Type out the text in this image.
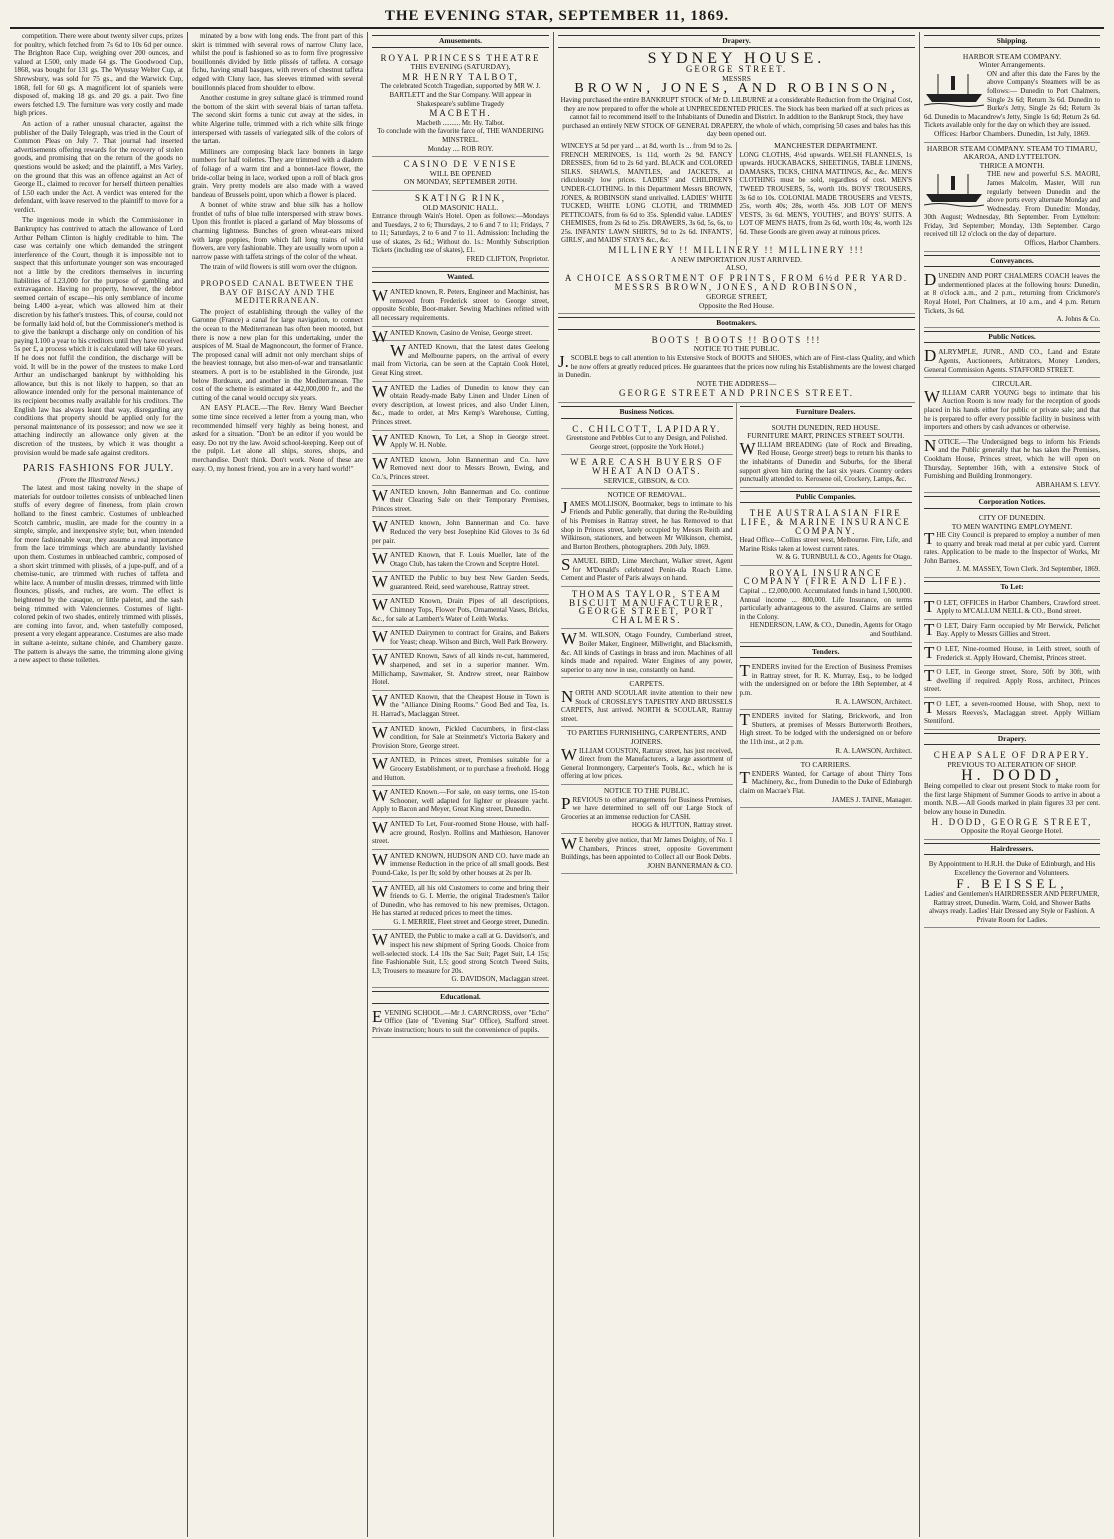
THE EVENING STAR, SEPTEMBER 11, 1869.

competition. There were about twenty silver cups, prizes for poultry, which fetched from 7s 6d to 10s 6d per ounce. The Brighton Race Cup, weighing over 200 ounces, and valued at L500, only made 64 gs. The Goodwood Cup, 1868, was bought for 131 gs. The Wynstay Welter Cup, at Shrewsbury, was sold for 75 gs., and the Warwick Cup, 1868, fell for 60 gs. A magnificent lot of spaniels were disposed of, making 18 gs. and 20 gs. a pair. Two fine ewers fetched L9. The furniture was very costly and made high prices.

An action of a rather unusual character, against the publisher of the Daily Telegraph, was tried in the Court of Common Pleas on July 7. That journal had inserted advertisements offering rewards for the recovery of stolen goods, and promising that on the return of the goods no questions would be asked; and the plaintiff, a Mrs Varley, on the ground that this was an offence against an Act of George II., claimed to recover for herself thirteen penalties of L50 each under the Act. A verdict was entered for the defendant, with leave reserved to the plaintiff to move for a verdict.

The ingenious mode in which the Commissioner in Bankruptcy has contrived to attach the allowance of Lord Arthur Pelham Clinton is highly creditable to him. The case was certainly one which demanded the stringent interference of the Court, though it is impossible not to suspect that this unfortunate younger son was encouraged not a little by the creditors themselves in incurring liabilities of L23,000 for the purpose of gambling and extravagance. Having no property, however, the debtor seemed certain of escape—his only semblance of income being L400 a-year, which was allowed him at their discretion by his father's trustees. This, of course, could not be formally laid hold of, but the Commissioner's method is to give the bankrupt a discharge only on condition of his paying L100 a year to his creditors until they have received 5s per £, a process which it is calculated will take 60 years. If he does not fulfil the condition, the discharge will be void. It will be in the power of the trustees to make Lord Arthur an undischarged bankrupt by withholding his allowance, but this is not likely to happen, so that an allowance intended only for the personal maintenance of its recipient becomes really available for his creditors. The English law has always leant that way, disregarding any conditions that property should be applied only for the personal maintenance of its possessor; and now we see it attaching indirectly an allowance only given at the discretion of the trustees, by which it was thought a provision would be made safe against creditors.

PARIS FASHIONS FOR JULY.
(From the Illustrated News.)

The latest and most taking novelty in the shape of materials for outdoor toilettes consists of unbleached linen stuffs of every degree of fineness, from plain crown holland to the finest cambric. Costumes of unbleached Scotch cambric, muslin, are made for the country in a simple, simple, and inexpensive style; but, when intended for more fashionable wear, they assume a real importance from the lace trimmings which are abundantly lavished upon them. Costumes in unbleached cambric, composed of a short skirt trimmed with plissés, of a jupe-puff, and of a chemise-tunic, are trimmed with ruches of taffeta and white lace. A number of muslin dresses, trimmed with little flounces, plissés, and ruches, are worn. The effect is heightened by the casaque, or little paletot, and the sash being trimmed with Valenciennes. Costumes of light-colored pekin of two shades, entirely trimmed with plissés, are coming into favor, and, when tastefully composed, present a very elegant appearance. Costumes are also made in sultane a-teinte, sultane chinée, and Chambery gauze. The pattern is always the same, the trimming alone giving a new aspect to these toilettes.

minated by a bow with long ends. The front part of this skirt is trimmed with several rows of narrow Cluny lace, whilst the pouf is fashioned so as to form five progressive bouillonnés divided by little plissés of taffeta. A corsage fichu, having small basques, with revers of chestnut taffeta edged with Cluny lace, has sleeves trimmed with several bouillonnés placed from shoulder to elbow.

Another costume in grey sultane glacé is trimmed round the bottom of the skirt with several biais of tartan taffeta. The second skirt forms a tunic cut away at the sides, in white Algerine tulle, trimmed with a rich white silk fringe interspersed with tassels of variegated silk of the colors of the tartan.

Milliners are composing black lace bonnets in large numbers for half toilettes. They are trimmed with a diadem of foliage of a warm tint and a bonnet-lace flower, the bride-collar being in lace, worked upon a roll of black gros grain. Very pretty models are also made with a waved bandeau of Brussels point, upon which a flower is placed.

A bonnet of white straw and blue silk has a hollow frontlet of tufts of blue tulle interspersed with straw bows. Upon this frontlet is placed a garland of May blossoms of charming lightness. Bunches of green wheat-ears mixed with large poppies, from which fall long trains of wild flowers, are very fashionable. They are usually worn upon a narrow passe with taffeta strings of the color of the wheat.

The train of wild flowers is still worn over the chignon.

PROPOSED CANAL BETWEEN THE BAY OF BISCAY AND THE MEDITERRANEAN.

The project of establishing through the valley of the Garonne (France) a canal for large navigation, to connect the ocean to the Mediterranean has often been mooted, but there is now a new plan for this undertaking, under the auspices of M. Staal de Magnoncourt, the former of France. The proposed canal will admit not only merchant ships of the heaviest tonnage, but also men-of-war and transatlantic steamers. A port is to be established in the Gironde, just below Bordeaux, and another in the Mediterranean. The cost of the scheme is estimated at 442,000,000 fr., and the cutting of the canal would occupy six years.

AN EASY PLACE.—The Rev. Henry Ward Beecher some time since received a letter from a young man, who recommended himself very highly as being honest, and asked for a situation. "Don't be an editor if you would be easy. Do not try the law. Avoid school-keeping. Keep out of the pulpit. Let alone all ships, stores, shops, and merchandise. Don't think. Don't work. None of these are easy. O, my honest friend, you are in a very hard world!"

Amusements.
ROYAL PRINCESS THEATRE
THIS EVENING (SATURDAY),
MR HENRY TALBOT,
The celebrated Scotch Tragedian, supported by MR W. J. BARTLETT and the Star Company. Will appear in Shakespeare's sublime Tragedy
MACBETH.
Macbeth .......... Mr. Hy. Talbot.
To conclude with the favorite farce of, THE WANDERING MINSTREL.
Monday .... ROB ROY.
CASINO DE VENISE
WILL BE OPENED
ON MONDAY, SEPTEMBER 20TH.
SKATING RINK,
OLD MASONIC HALL.
Entrance through Wain's Hotel. Open as follows:—Mondays and Tuesdays, 2 to 6; Thursdays, 2 to 6 and 7 to 11; Fridays, 7 to 11; Saturdays, 2 to 6 and 7 to 11. Admission: Including the use of skates, 2s 6d.; Without do. 1s.: Monthly Subscription Tickets (including use of skates), £1.
FRED CLIFTON, Proprietor.
Wanted.
WANTED known, R. Peters, Engineer and Machinist, has removed from Frederick street to George street, opposite Scoble, Boot-maker. Sewing Machines refitted with all necessary requirements.
WANTED Known, Casino de Venise, George street.
WANTED Known, that the latest dates Geelong and Melbourne papers, on the arrival of every mail from Victoria, can be seen at the Captain Cook Hotel, Great King street.
WANTED the Ladies of Dunedin to know they can obtain Ready-made Baby Linen and Under Linen of every description, at lowest prices, and also Under Linen, &c., made to order, at Mrs Kemp's Warehouse, Cutting, Princes street.
WANTED Known, To Let, a Shop in George street. Apply W. H. Noble.
WANTED known, John Bannerman and Co. have Removed next door to Messrs Brown, Ewing, and Co.'s, Princes street.
WANTED known, John Bannerman and Co. continue their Clearing Sale on their Temporary Premises, Princes street.
WANTED known, John Bannerman and Co. have Reduced the very best Josephine Kid Gloves to 3s 6d per pair.
WANTED Known, that F. Louis Mueller, late of the Otago Club, has taken the Crown and Sceptre Hotel.
WANTED the Public to buy best New Garden Seeds, guaranteed. Reid, seed warehouse, Rattray street.
WANTED Known, Drain Pipes of all descriptions, Chimney Tops, Flower Pots, Ornamental Vases, Bricks, &c., for sale at Lambert's Water of Leith Works.
WANTED Dairymen to contract for Grains, and Bakers for Yeast; cheap. Wilson and Birch, Well Park Brewery.
WANTED Known, Saws of all kinds re-cut, hammered, sharpened, and set in a superior manner. Wm. Millichamp, Sawmaker, St. Andrew street, near Rainbow Hotel.
WANTED Known, that the Cheapest House in Town is the "Alliance Dining Rooms." Good Bed and Tea, 1s. H. Harrad's, Maclaggan Street.
WANTED known, Pickled Cucumbers, in first-class condition, for Sale at Steinmetz's Victoria Bakery and Provision Store, George street.
WANTED, in Princes street, Premises suitable for a Grocery Establishment, or to purchase a freehold. Hogg and Hutton.
WANTED Known.—For sale, on easy terms, one 15-ton Schooner, well adapted for lighter or pleasure yacht. Apply to Bacon and Meyer, Great King street, Dunedin.
WANTED To Let, Four-roomed Stone House, with half-acre ground, Roslyn. Rollins and Mathieson, Hanover street.
WANTED KNOWN, HUDSON AND CO. have made an immense Reduction in the price of all small goods. Best Pound-Cake, 1s per lb; sold by other houses at 2s per lb.
WANTED, all his old Customers to come and bring their friends to G. I. Merrie, the original Tradesmen's Tailor of Dunedin, who has removed to his new premises, Octagon. He has started at reduced prices to meet the times.
G. I. MERRIE, Fleet street and George street, Dunedin.
WANTED, the Public to make a call at G. Davidson's, and inspect his new shipment of Spring Goods. Choice from well-selected stock. L4 10s the Sac Suit; Paget Suit, L4 15s; fine Fashionable Suit, L5; good strong Scotch Tweed Suits, L3; Trousers to measure for 20s.
G. DAVIDSON, Maclaggan street.
Educational.
EVENING SCHOOL.—Mr J. CARNCROSS, over "Echo" Office (late of "Evening Star" Office), Stafford street. Private instruction; hours to suit the convenience of pupils.
Drapery.
SYDNEY HOUSE.
GEORGE STREET.
MESSRS
BROWN, JONES, AND ROBINSON,
Having purchased the entire BANKRUPT STOCK of Mr D. LILBURNE at a considerable Reduction from the Original Cost, they are now prepared to offer the whole at UNPRECEDENTED PRICES. The Stock has been marked off at such prices as cannot fail to recommend itself to the Inhabitants of Dunedin and District. In addition to the Bankrupt Stock, they have purchased an entirely NEW STOCK OF GENERAL DRAPERY, the whole of which, comprising 50 cases and bales has this day been opened out.
WINCEYS at 5d per yard ... at 8d, worth 1s ... from 9d to 2s. FRENCH MERINOES, 1s 11d, worth 2s 9d. FANCY DRESSES, from 6d to 2s 6d yard. BLACK and COLORED SILKS. SHAWLS, MANTLES, and JACKETS, at ridiculously low prices. LADIES' and CHILDREN'S UNDER-CLOTHING. In this Department Messrs BROWN, JONES, & ROBINSON stand unrivalled. LADIES' WHITE TUCKED, WHITE LONG CLOTH, and TRIMMED PETTICOATS, from 6s 6d to 35s. Splendid value. LADIES' CHEMISES, from 2s 6d to 25s. DRAWERS, 3s 6d, 5s, 6s, to 25s. INFANTS' LAWN SHIRTS, 9d to 2s 6d. INFANTS', GIRLS', and MAIDS' STAYS &c., &c.
MANCHESTER DEPARTMENT.
LONG CLOTHS, 4½d upwards. WELSH FLANNELS, 1s upwards. HUCKABACKS, SHEETINGS, TABLE LINENS, DAMASKS, TICKS, CHINA MATTINGS, &c., &c. MEN'S CLOTHING must be sold, regardless of cost. MEN'S TWEED TROUSERS, 5s, worth 10s. BOYS' TROUSERS, 3s 6d to 10s. COLONIAL MADE TROUSERS and VESTS, 25s, worth 40s; 28s, worth 45s. JOB LOT OF MEN'S VESTS, 3s 6d. MEN'S, YOUTHS', and BOYS' SUITS. A LOT OF MEN'S HATS, from 2s 6d, worth 10s; 4s, worth 12s 6d. These Goods are given away at ruinous prices.
MILLINERY !! MILLINERY !! MILLINERY !!!
A NEW IMPORTATION JUST ARRIVED.
ALSO,
A CHOICE ASSORTMENT OF PRINTS, FROM 6½d PER YARD.
MESSRS BROWN, JONES, AND ROBINSON,
GEORGE STREET,
Opposite the Red House.
Bootmakers.
BOOTS ! BOOTS !! BOOTS !!!
NOTICE TO THE PUBLIC.
J.SCOBLE begs to call attention to his Extensive Stock of BOOTS and SHOES, which are of First-class Quality, and which he now offers at greatly reduced prices. He guarantees that the prices now ruling his Establishments are the lowest charged in Dunedin.
NOTE THE ADDRESS—
GEORGE STREET AND PRINCES STREET.
Business Notices.
C. CHILCOTT, LAPIDARY.
Greenstone and Pebbles Cut to any Design, and Polished. George street, (opposite the York Hotel.)
WE ARE CASH BUYERS OF WHEAT AND OATS.
SERVICE, GIBSON, & CO.
NOTICE OF REMOVAL.
JAMES MOLLISON, Bootmaker, begs to intimate to his Friends and Public generally, that during the Re-building of his Premises in Rattray street, he has Removed to that shop in Princes street, lately occupied by Messrs Reith and Wilkinson, stationers, and between Mr Wilkinson, chemist, and Burton Brothers, photographers. 20th July, 1869.
SAMUEL BIRD, Lime Merchant, Walker street, Agent for M'Donald's celebrated Penin-ula Roach Lime. Cement and Plaster of Paris always on hand.
THOMAS TAYLOR, STEAM BISCUIT MANUFACTURER, GEORGE STREET, PORT CHALMERS.
WM. WILSON, Otago Foundry, Cumberland street, Boiler Maker, Engineer, Millwright, and Blacksmith, &c. All kinds of Castings in brass and iron. Machines of all kinds made and repaired. Water Engines of any power, superior to any now in use, constantly on hand.
CARPETS.
NORTH AND SCOULAR invite attention to their new Stock of CROSSLEY'S TAPESTRY AND BRUSSELS CARPETS, Just arrived. NORTH & SCOULAR, Rattray street.
TO PARTIES FURNISHING, CARPENTERS, AND JOINERS.
WILLIAM COUSTON, Rattray street, has just received, direct from the Manufacturers, a large assortment of General Ironmongery, Carpenter's Tools, &c., which he is offering at low prices.
NOTICE TO THE PUBLIC.
PREVIOUS to other arrangements for Business Premises, we have determined to sell off our Large Stock of Groceries at an immense reduction for CASH.
HOGG & HUTTON, Rattray street.
WE hereby give notice, that Mr James Doighty, of No. 1 Chambers, Princes street, opposite Government Buildings, has been appointed to Collect all our Book Debts.
JOHN BANNERMAN & CO.
Furniture Dealers.
SOUTH DUNEDIN, RED HOUSE.
FURNITURE MART, PRINCES STREET SOUTH.
WILLIAM BREADING (late of Rock and Breading, Red House, George street) begs to return his thanks to the inhabitants of Dunedin and Suburbs, for the liberal support given him during the last six years. Country orders punctually attended to. Kerosene oil, Crockery, Lamps, &c.
Public Companies.
THE AUSTRALASIAN FIRE LIFE, & MARINE INSURANCE COMPANY.
Head Office—Collins street west, Melbourne. Fire, Life, and Marine Risks taken at lowest current rates.
W. & G. TURNBULL & CO., Agents for Otago.
ROYAL INSURANCE COMPANY (FIRE AND LIFE).
Capital ... £2,000,000. Accumulated funds in hand 1,500,000. Annual income ... 800,000. Life Insurance, on terms particularly advantageous to the assured. Claims are settled in the Colony.
HENDERSON, LAW, & CO., Dunedin, Agents for Otago and Southland.
Tenders.
TENDERS invited for the Erection of Business Premises in Rattray street, for R. K. Murray, Esq., to be lodged with the undersigned on or before the 18th September, at 4 p.m.
R. A. LAWSON, Architect.
TENDERS invited for Slating, Brickwork, and Iron Shutters, at premises of Messrs Butterworth Brothers, High street. To be lodged with the undersigned on or before the 11th inst., at 2 p.m.
R. A. LAWSON, Architect.
TO CARRIERS.
TENDERS Wanted, for Cartage of about Thirty Tons Machinery, &c., from Dunedin to the Duke of Edinburgh claim on Macrae's Flat.
JAMES J. TAINE, Manager.
Shipping.
HARBOR STEAM COMPANY.
Winter Arrangements.
ON and after this date the Fares by the above Company's Steamers will be as follows:— Dunedin to Port Chalmers, Single 2s 6d; Return 3s 6d. Dunedin to Burke's Jetty, Single 2s 6d; Return 3s 6d. Dunedin to Macandrew's Jetty, Single 1s 6d; Return 2s 6d. Tickets available only for the day on which they are issued.
Offices: Harbor Chambers. Dunedin, 1st July, 1869.
HARBOR STEAM COMPANY. STEAM TO TIMARU, AKAROA, AND LYTTELTON.
THRICE A MONTH.
THE new and powerful S.S. MAORI, James Malcolm, Master, Will run regularly between Dunedin and the above ports every alternate Monday and Wednesday. From Dunedin: Monday, 30th August; Wednesday, 8th September. From Lyttelton: Friday, 3rd September; Monday, 13th September. Cargo received till 12 o'clock on the day of departure.
Offices, Harbor Chambers.
Conveyances.
DUNEDIN AND PORT CHALMERS COACH leaves the undermentioned places at the following hours: Dunedin, at 8 o'clock a.m., and 2 p.m., returning from Crickmore's Royal Hotel, Port Chalmers, at 10 a.m., and 4 p.m. Return Tickets, 3s 6d.
A. Johns & Co.
Public Notices.
DALRYMPLE, JUNR., AND CO., Land and Estate Agents, Auctioneers, Arbitrators, Money Lenders, General Commission Agents. STAFFORD STREET.
CIRCULAR.
WILLIAM CARR YOUNG begs to intimate that his Auction Room is now ready for the reception of goods placed in his hands either for public or private sale; and that he is prepared to offer every possible facility in business with importers and others by cash advances or otherwise.
NOTICE.—The Undersigned begs to inform his Friends and the Public generally that he has taken the Premises, Cookham House, Princes street, which he will open on Thursday, September 16th, with a extensive Stock of Furnishing and Building Ironmongery.
ABRAHAM S. LEVY.
Corporation Notices.
CITY OF DUNEDIN.
TO MEN WANTING EMPLOYMENT.
THE City Council is prepared to employ a number of men to quarry and break road metal at per cubic yard. Current rates. Application to be made to the Inspector of Works, Mr John Barnes.
J. M. MASSEY, Town Clerk. 3rd September, 1869.
To Let:
TO LET, OFFICES in Harbor Chambers, Crawford street. Apply to M'CALLUM NEILL & CO., Bond street.
TO LET, Dairy Farm occupied by Mr Berwick, Pelichet Bay. Apply to Messrs Gillies and Street.
TO LET, Nine-roomed House, in Leith street, south of Frederick st. Apply Howard, Chemist, Princes street.
TO LET, in George street, Store, 50ft by 30ft, with dwelling if required. Apply Ross, architect, Princes street.
TO LET, a seven-roomed House, with Shop, next to Messrs Reeves's, Maclaggan street. Apply William Stentiford.
Drapery.
CHEAP SALE OF DRAPERY.
PREVIOUS TO ALTERATION OF SHOP.
H. DODD,
Being compelled to clear out present Stock to make room for the first large Shipment of Summer Goods to arrive in about a month. N.B.—All Goods marked in plain figures 33 per cent. below any house in Dunedin.
H. DODD, GEORGE STREET,
Opposite the Royal George Hotel.
Hairdressers.
By Appointment to H.R.H. the Duke of Edinburgh, and His Excellency the Governor and Volunteers.
F. BEISSEL,
Ladies' and Gentlemen's HAIRDRESSER AND PERFUMER, Rattray street, Dunedin. Warm, Cold, and Shower Baths always ready. Ladies' Hair Dressed any Style or Fashion. A Private Room for Ladies.
